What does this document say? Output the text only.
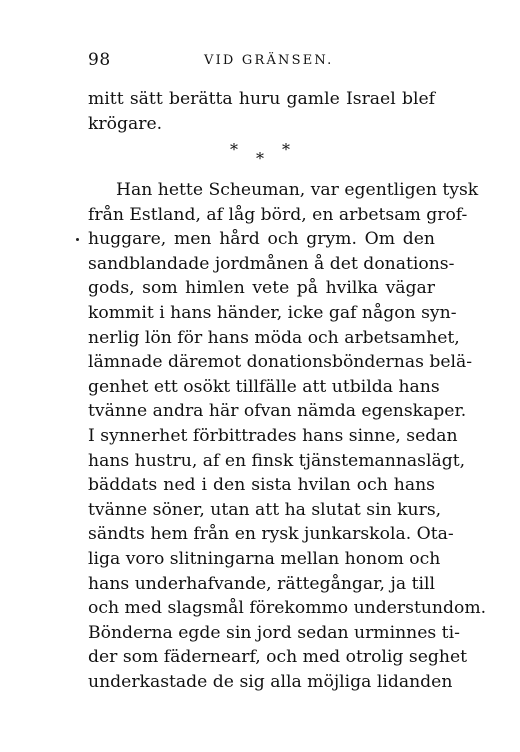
98	VID GRÄNSEN.
mitt sätt berätta huru gamle Israel blef
krögare.
* * *
Han hette Scheuman, var egentligen tysk
från Estland, af låg börd, en arbetsam grof-
huggare, men hård och grym. Om den
sandblandade jordmånen å det donations-
gods, som himlen vete på hvilka vägar
kommit i hans händer, icke gaf någon syn-
nerlig lön för hans möda och arbetsamhet,
lämnade däremot donationsböndernas belä-
genhet ett osökt tillfälle att utbilda hans
tvänne andra här ofvan nämda egenskaper.
I synnerhet förbittrades hans sinne, sedan
hans hustru, af en finsk tjänstemannaslägt,
bäddats ned i den sista hvilan och hans
tvänne söner, utan att ha slutat sin kurs,
sändts hem från en rysk junkarskola. Ota-
liga voro slitningarna mellan honom och
hans underhafvande, rättegångar, ja till
och med slagsmål förekommo understundom.
Bönderna egde sin jord sedan urminnes ti-
der som fädernearf, och med otrolig seghet
underkastade de sig alla möjliga lidanden
